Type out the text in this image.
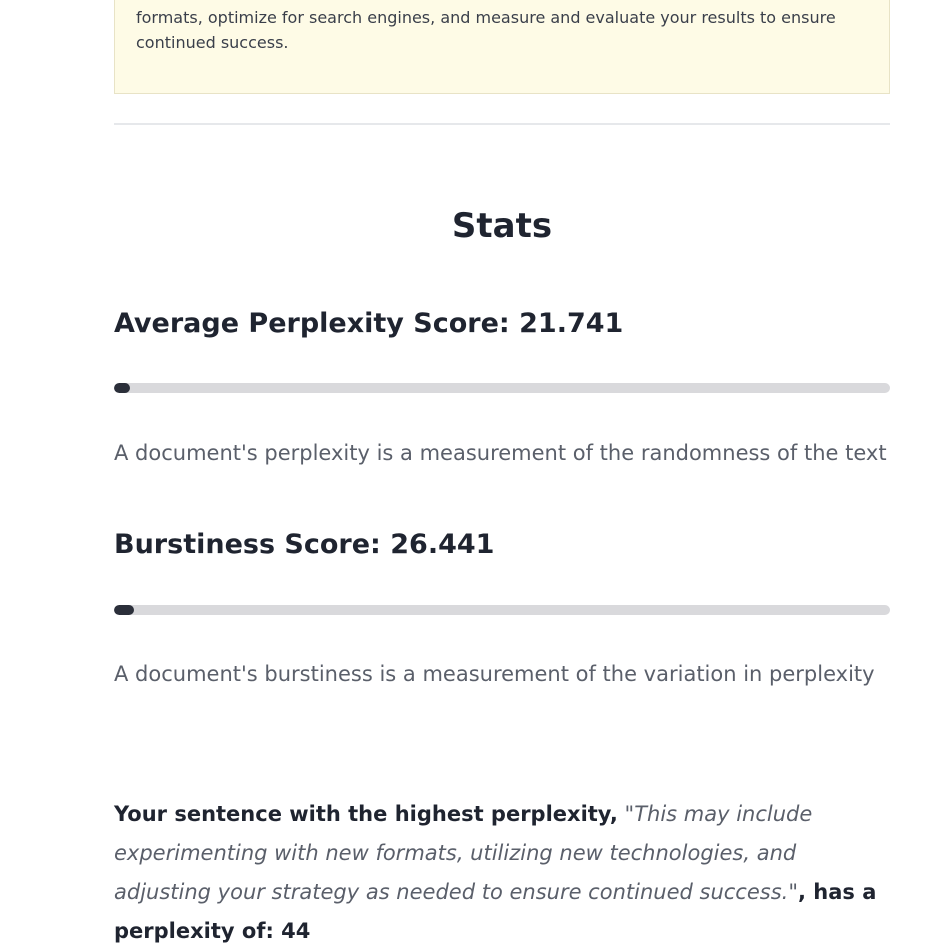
formats, optimize for search engines, and measure and evaluate your results to ensure continued success.
Stats
Average Perplexity Score: 21.741

A document's perplexity is a measurement of the randomness of the text

Burstiness Score: 26.441

A document's burstiness is a measurement of the variation in perplexity

Your sentence with the highest perplexity, "This may include experimenting with new formats, utilizing new technologies, and adjusting your strategy as needed to ensure continued success.", has a perplexity of: 44
